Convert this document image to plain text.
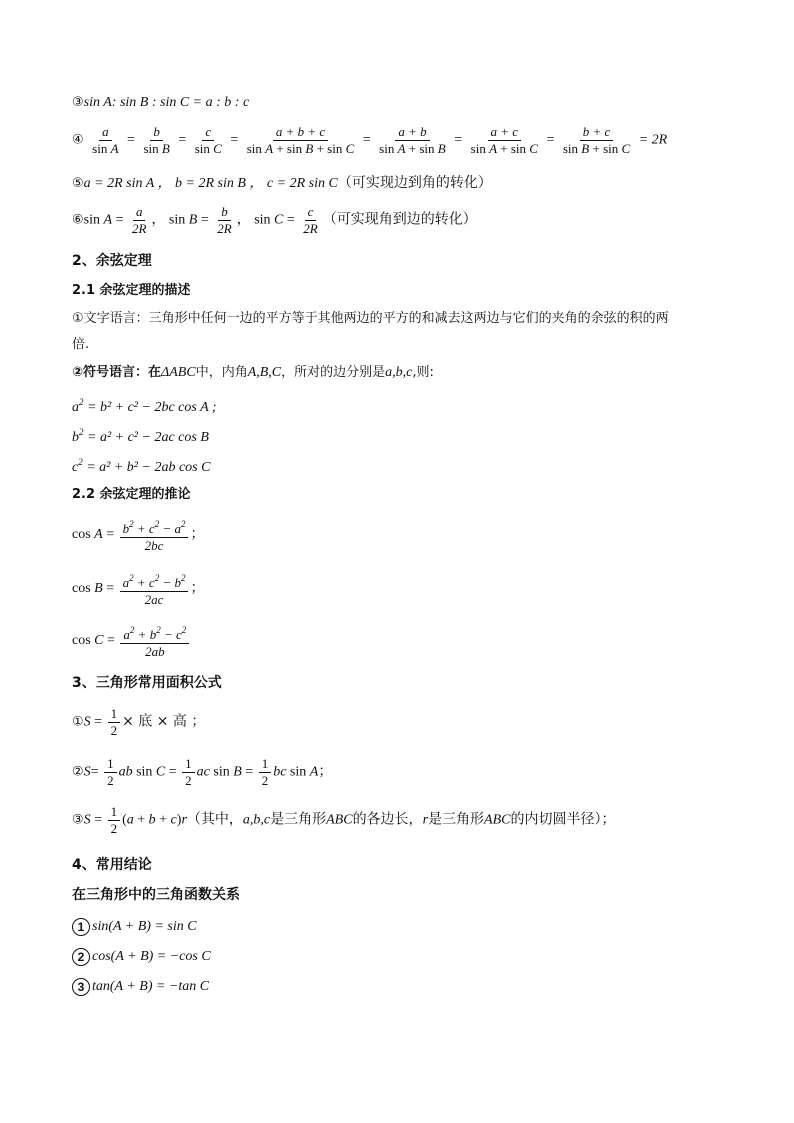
③sin A: sin B : sin C = a : b : c
④ $\frac{a}{\text{sin A}} = \frac{b}{\text{sin B}} = \frac{c}{\text{sin C}} = \frac{a + b + c}{\text{sin A + sin B + sin C}} = \frac{a + b}{\text{sin A + sin B}} = \frac{a + c}{\text{sin A + sin C}} = \frac{b + c}{\text{sin B + sin C}} = 2R$
⑤a = 2R sin A ， b = 2R sin B ， c = 2R sin C（可实现边到角的转化）
⑥sin $A = \frac{a}{2R}$ ， $\sin B = \frac{b}{2R}$ ， $\sin C = \frac{c}{2R}$ （可实现角到边的转化）
2、余弦定理
2.1 余弦定理的描述
①文字语言：三角形中任何一边的平方等于其他两边的平方的和减去这两边与它们的夹角的余弦的积的两
倍.
②符号语言：在ΔABC中，内角A,B,C，所对的边分别是a,b,c,则:
$a^2 = b^2 + c^2 - 2bc$ cos A ;
$b^2 = a^2 + c^2 - 2ac$ cos B
$c^2 = a^2 + b^2 - 2ab$ cos C
2.2 余弦定理的推论
$\cos A = \frac{b^2 + c^2 - a^2}{2bc}$ ；
$\cos B = \frac{a^2 + c^2 - b^2}{2ac}$ ；
$\cos C = \frac{a^2 + b^2 - c^2}{2ab}$
3、三角形常用面积公式
①S = $\frac{1}{2}$ × 底 × 高 ；
②S= $\frac{1}{2}$ ab $\sin C = \frac{1}{2}$ ac $\sin B = \frac{1}{2}$ bc sin A；
③S = $\frac{1}{2} (a + b + c)r$（其中，a,b,c是三角形ABC的各边长，r是三角形ABC的内切圆半径）；
4、常用结论
在三角形中的三角函数关系
1 sin(A + B) = sin C
2 cos(A + B) = −cos C
3 tan(A + B) = −tan C
